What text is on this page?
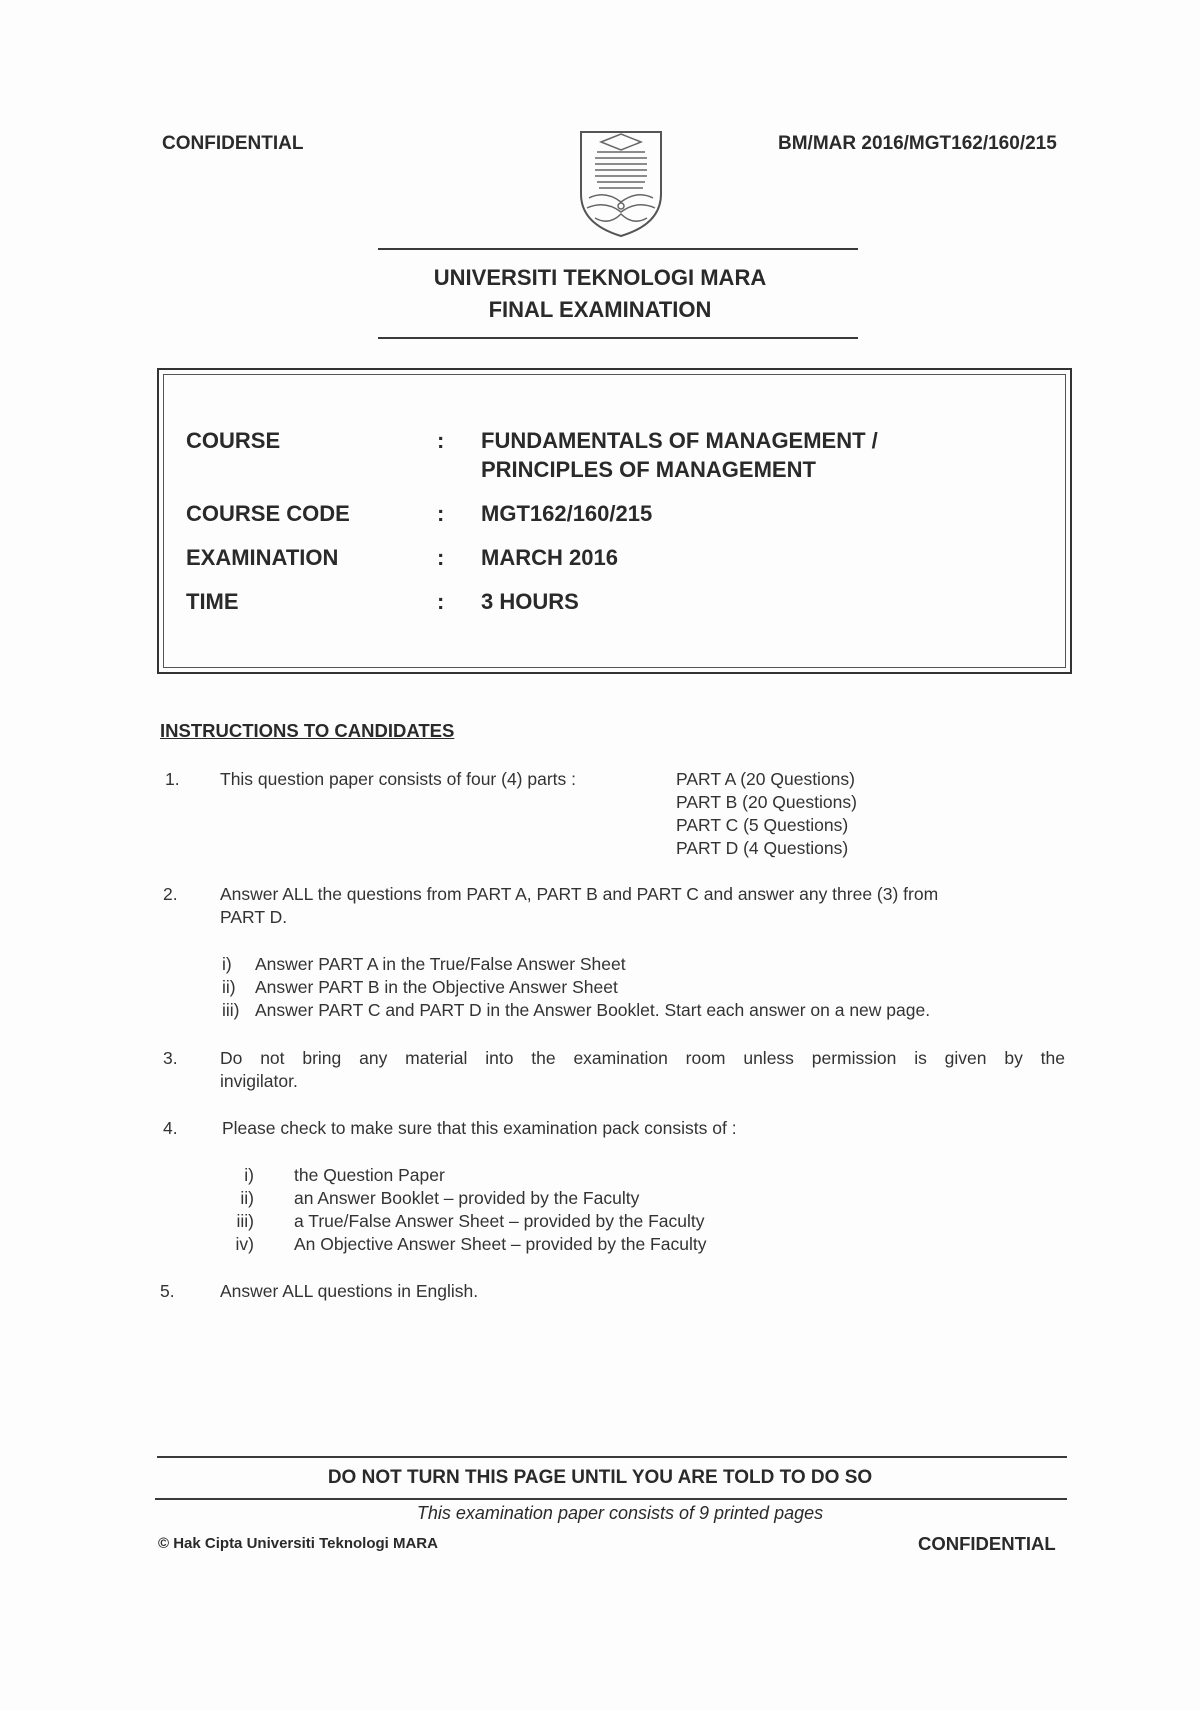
CONFIDENTIAL	BM/MAR 2016/MGT162/160/215
UNIVERSITI TEKNOLOGI MARA
FINAL EXAMINATION
COURSE	: FUNDAMENTALS OF MANAGEMENT /
PRINCIPLES OF MANAGEMENT
COURSE CODE	: MGT162/160/215
EXAMINATION	: MARCH 2016
TIME	: 3 HOURS
INSTRUCTIONS TO CANDIDATES
1. This question paper consists of four (4) parts :	PART A (20 Questions)
PART B (20 Questions)
PART C (5 Questions)
PART D (4 Questions)
2. Answer ALL the questions from PART A, PART B and PART C and answer any three (3) from
PART D.
i) Answer PART A in the True/False Answer Sheet
ii) Answer PART B in the Objective Answer Sheet
iii) Answer PART C and PART D in the Answer Booklet. Start each answer on a new page.
3. Do not bring any material into the examination room unless permission is given by the
invigilator.
4.	Please check to make sure that this examination pack consists of :
i) the Question Paper
ii) an Answer Booklet – provided by the Faculty
iii) a True/False Answer Sheet – provided by the Faculty
iv) An Objective Answer Sheet – provided by the Faculty
5.	Answer ALL questions in English.
DO NOT TURN THIS PAGE UNTIL YOU ARE TOLD TO DO SO
This examination paper consists of 9 printed pages
© Hak Cipta Universiti Teknologi MARA	CONFIDENTIAL
